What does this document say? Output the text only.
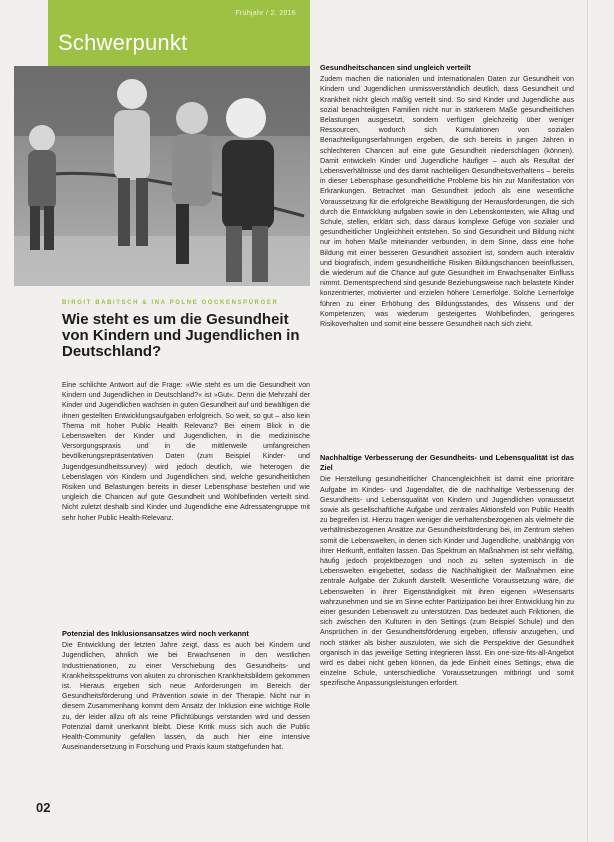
Frühjahr / 2. 2016
Schwerpunkt
BIRGIT BABITSCH & INA POLNE GOCKENSPÜRGER
Wie steht es um die Gesundheit von Kindern und Jugendlichen in Deutschland?

Eine schlichte Antwort auf die Frage: »Wie steht es um die Gesundheit von Kindern und Jugendlichen in Deutschland?« ist »Gut«. Denn die Mehrzahl der Kinder und Jugendlichen wachsen in guten Gesundheit auf und bewältigen die ihnen gestellten Entwicklungsaufgaben erfolgreich. So weit, so gut – also kein Thema mit hoher Public Health Relevanz? Bei einem Blick in die Lebenswelten der Kinder und Jugendlichen, in die medizinische Versorgungspraxis und in die mittlerweile umfangreichen bevölkerungsrepräsentativen Daten (zum Beispiel Kinder- und Jugendgesundheitssurvey) wird jedoch deutlich, wie heterogen die Lebenslagen von Kindern und Jugendlichen sind, welche gesundheitlichen Risiken und Belastungen bereits in dieser Lebensphase bestehen und wie ungleich die Chancen auf gute Gesundheit und Wohlbefinden verteilt sind. Nicht zuletzt deshalb sind Kinder und Jugendliche eine Adressatengruppe mit sehr hoher Public Health-Relevanz.

Potenzial des Inklusionsansatzes wird noch verkannt

Die Entwicklung der letzten Jahre zeigt, dass es auch bei Kindern und Jugendlichen, ähnlich wie bei Erwachsenen in den westlichen Industrienationen, zu einer Verschiebung des Gesundheits- und Krankheitsspektrums von akuten zu chronischen Krankheitsbildern gekommen ist. Hieraus ergeben sich neue Anforderungen im Bereich der Gesundheitsförderung und Prävention sowie in der Therapie. Nicht nur in diesem Zusammenhang kommt dem Ansatz der Inklusion eine wichtige Rolle zu, der leider allzu oft als reine Pflichtübungs verstanden wird und dessen Potenzial damit unerkannt bleibt. Diese Kritik muss sich auch die Public Health-Community gefallen lassen, da auch hier eine intensive Auseinandersetzung in Forschung und Praxis kaum stattgefunden hat.

Gesundheitschancen sind ungleich verteilt

Zudem machen die nationalen und internationalen Daten zur Gesundheit von Kindern und Jugendlichen unmissverständlich deutlich, dass Gesundheit und Krankheit nicht gleich mäßig verteilt sind. So sind Kinder und Jugendliche aus sozial benachteiligten Familien nicht nur in stärkerem Maße gesundheitlichen Belastungen ausgesetzt, sondern verfügen gleichzeitig über weniger Ressourcen, wodurch sich Kumulationen von sozialen Benachteiligungserfahrungen ergeben, die sich bereits in jungen Jahren in schlechteren Chancen auf eine gute Gesundheit niederschlagen (können). Damit entwickeln Kinder und Jugendliche häufiger – auch als Resultat der Lebensverhältnisse und des damit nachteiligen Gesundheitsverhaltens – bereits in dieser Lebensphase gesundheitliche Probleme bis hin zur Manifestation von Erkrankungen. Betrachtet man Gesundheit jedoch als eine wesentliche Voraussetzung für die erfolgreiche Bewältigung der Herausforderungen, die sich durch die Entwicklung aufgaben sowie in den Lebenskontexten, wie Alltag und Schule, stellen, erklärt sich, dass daraus komplexe Gefüge von sozialer und gesundheitlicher Ungleichheit entstehen. So sind Gesundheit und Bildung nicht nur im hohen Maße miteinander verbunden, in dem Sinne, dass eine hohe Bildung mit einer besseren Gesundheit assoziiert ist, sondern auch interaktiv und biografisch, indem gesundheitliche Risiken Bildungschancen beeinflussen, die wiederum auf die Chance auf gute Gesundheit im Erwachsenalter Einfluss nimmt. Dementsprechend sind gesunde Beziehungsweise nach belastete Kinder konzentrierter, motivierter und erzielen höhere Lernerfolge. Solche Lernerfolge führen zu einer Erhöhung des Bildungsstandes, des Wissens und der Kompetenzen, was wiederum gesteigertes Wohlbefinden, geringeres Risikoverhalten und somit eine bessere Gesundheit nach sich zieht.

Nachhaltige Verbesserung der Gesundheits- und Lebensqualität ist das Ziel

Die Herstellung gesundheitlicher Chancengleichheit ist damit eine prioritäre Aufgabe im Kindes- und Jugendalter, die die nachhaltige Verbesserung der Gesundheits- und Lebensqualität von Kindern und Jugendlichen voraussetzt sowie als gesellschaftliche Aufgabe und zentrales Aktionsfeld von Public Health zu begreifen ist. Hierzu tragen weniger die verhaltensbezogenen als vielmehr die verhältnisbezogenen Ansätze zur Gesundheitsförderung bei, im Zentrum stehen somit die Lebenswelten, in denen sich Kinder und Jugendliche, unabhängig von ihrer Herkunft, entfalten lassen. Das Spektrum an Maßnahmen ist sehr vielfältig, häufig jedoch projektbezogen und noch zu selten systemisch in die Lebenswelten eingebettet, sodass die Nachhaltigkeit der Maßnahmen eine zentrale Aufgabe der Zukunft darstellt. Wesentliche Voraussetzung wäre, die Lebenswelten in ihrer Eigenständigkeit mit ihren eigenen »Wesensarts wahrzunehmen und sie im Sinne echter Partizipation bei ihrer Entwicklung hin zu einer gesunden Lebenswelt zu unterstützen. Das bedeutet auch Friktionen, die sich zwischen den Kulturen in den Settings (zum Beispiel Schule) und den Ansprüchen in der Gesundheitsförderung ergeben, offensiv anzugehen, und noch stärker als bisher auszuloten, wie sich die Perspektive der Gesundheit organisch in das jeweilige Setting integrieren lässt. Ein one-size-fits-all-Angebot wird es dabei nicht geben können, da jede Einheit eines Settings, etwa die einzelne Schule, unterschiedliche Voraussetzungen mitbringt und somit spezifische Anpassungsleistungen erfordert.

02
